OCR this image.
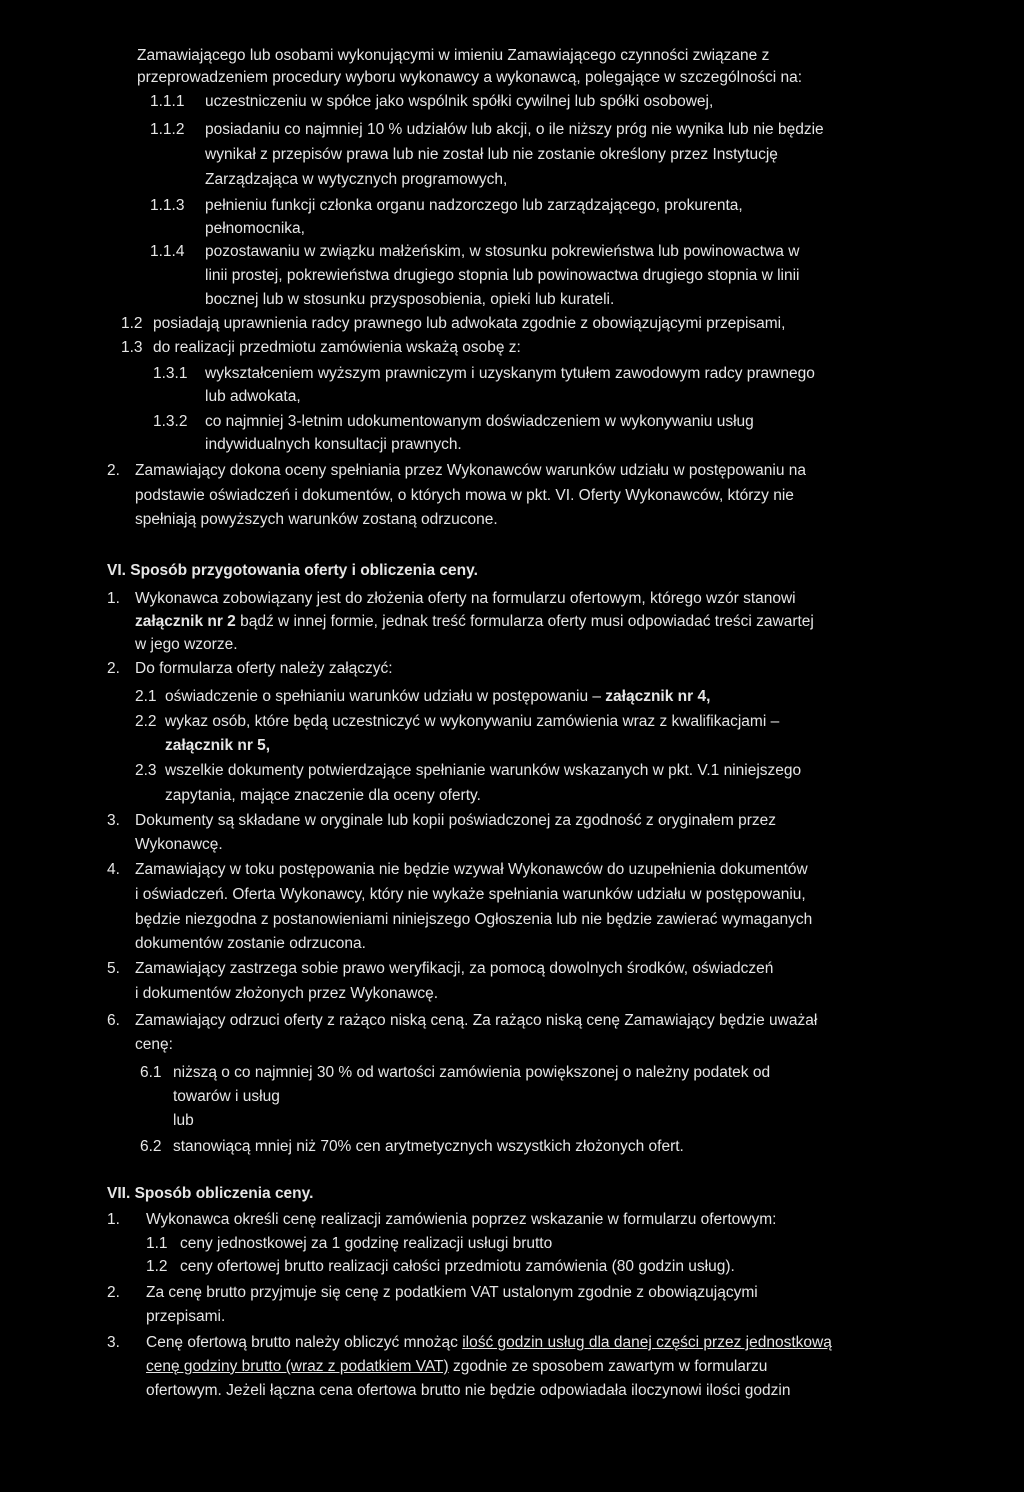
Zamawiającego lub osobami wykonującymi w imieniu Zamawiającego czynności związane z
przeprowadzeniem procedury wyboru wykonawcy a wykonawcą, polegające w szczególności na:
1.1.1 uczestniczeniu w spółce jako wspólnik spółki cywilnej lub spółki osobowej,
1.1.2 posiadaniu co najmniej 10 % udziałów lub akcji, o ile niższy próg nie wynika lub nie będzie
wynikał z przepisów prawa lub nie został lub nie zostanie określony przez Instytucję
Zarządzająca w wytycznych programowych,
1.1.3 pełnieniu funkcji członka organu nadzorczego lub zarządzającego, prokurenta,
pełnomocnika,
1.1.4 pozostawaniu w związku małżeńskim, w stosunku pokrewieństwa lub powinowactwa w
linii prostej, pokrewieństwa drugiego stopnia lub powinowactwa drugiego stopnia w linii
bocznej lub w stosunku przysposobienia, opieki lub kurateli.
1.2 posiadają uprawnienia radcy prawnego lub adwokata zgodnie z obowiązującymi przepisami,
1.3 do realizacji przedmiotu zamówienia wskażą osobę z:
1.3.1 wykształceniem wyższym prawniczym i uzyskanym tytułem zawodowym radcy prawnego
lub adwokata,
1.3.2 co najmniej 3-letnim udokumentowanym doświadczeniem w wykonywaniu usług
indywidualnych konsultacji prawnych.
2. Zamawiający dokona oceny spełniania przez Wykonawców warunków udziału w postępowaniu na
podstawie oświadczeń i dokumentów, o których mowa w pkt. VI. Oferty Wykonawców, którzy nie
spełniają powyższych warunków zostaną odrzucone.
VI. Sposób przygotowania oferty i obliczenia ceny.
1. Wykonawca zobowiązany jest do złożenia oferty na formularzu ofertowym, którego wzór stanowi
załącznik nr 2 bądź w innej formie, jednak treść formularza oferty musi odpowiadać treści zawartej
w jego wzorze.
2. Do formularza oferty należy załączyć:
2.1 oświadczenie o spełnianiu warunków udziału w postępowaniu – załącznik nr 4,
2.2 wykaz osób, które będą uczestniczyć w wykonywaniu zamówienia wraz z kwalifikacjami –
załącznik nr 5,
2.3 wszelkie dokumenty potwierdzające spełnianie warunków wskazanych w pkt. V.1 niniejszego
zapytania, mające znaczenie dla oceny oferty.
3. Dokumenty są składane w oryginale lub kopii poświadczonej za zgodność z oryginałem przez
Wykonawcę.
4. Zamawiający w toku postępowania nie będzie wzywał Wykonawców do uzupełnienia dokumentów
i oświadczeń. Oferta Wykonawcy, który nie wykaże spełniania warunków udziału w postępowaniu,
będzie niezgodna z postanowieniami niniejszego Ogłoszenia lub nie będzie zawierać wymaganych
dokumentów zostanie odrzucona.
5. Zamawiający zastrzega sobie prawo weryfikacji, za pomocą dowolnych środków, oświadczeń
i dokumentów złożonych przez Wykonawcę.
6. Zamawiający odrzuci oferty z rażąco niską ceną. Za rażąco niską cenę Zamawiający będzie uważał
cenę:
6.1 niższą o co najmniej 30 % od wartości zamówienia powiększonej o należny podatek od
towarów i usług
lub
6.2 stanowiącą mniej niż 70% cen arytmetycznych wszystkich złożonych ofert.
VII. Sposób obliczenia ceny.
1. Wykonawca określi cenę realizacji zamówienia poprzez wskazanie w formularzu ofertowym:
1.1 ceny jednostkowej za 1 godzinę realizacji usługi brutto
1.2 ceny ofertowej brutto realizacji całości przedmiotu zamówienia (80 godzin usług).
2. Za cenę brutto przyjmuje się cenę z podatkiem VAT ustalonym zgodnie z obowiązującymi
przepisami.
3. Cenę ofertową brutto należy obliczyć mnożąc ilość godzin usług dla danej części przez jednostkową
cenę godziny brutto (wraz z podatkiem VAT) zgodnie ze sposobem zawartym w formularzu
ofertowym. Jeżeli łączna cena ofertowa brutto nie będzie odpowiadała iloczynowi ilości godzin
